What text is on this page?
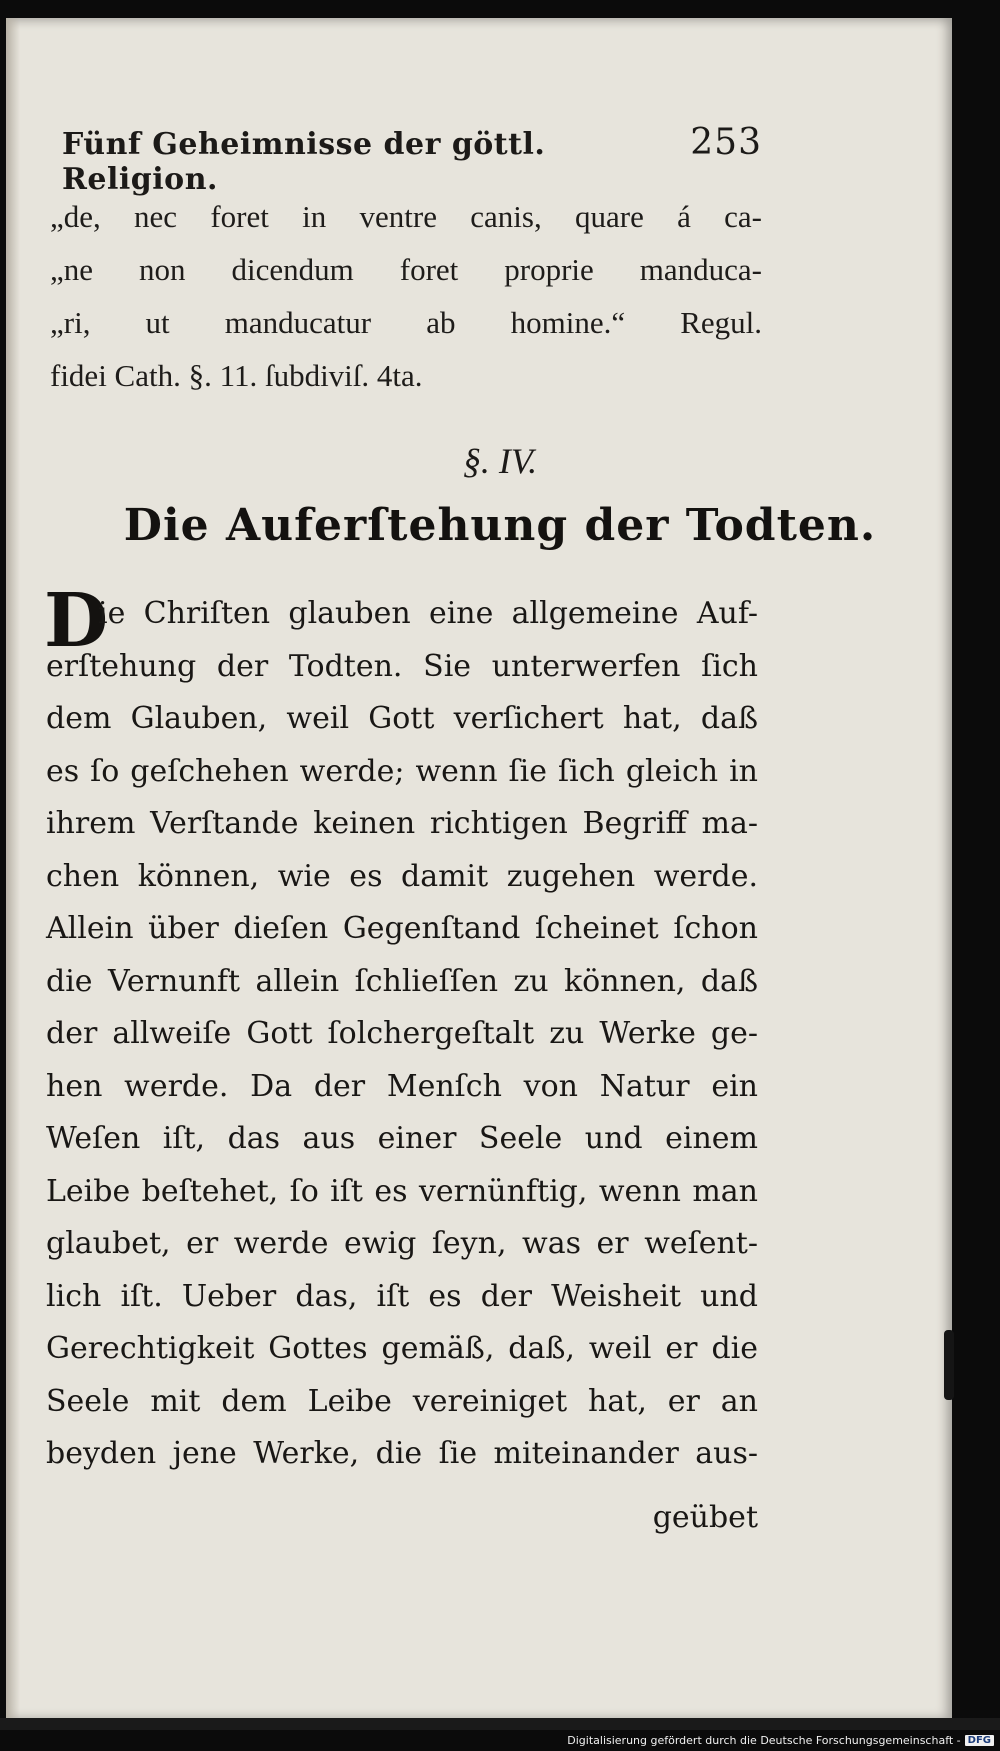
Fünf Geheimnisse der göttl. Religion.
253
„de, nec foret in ventre canis, quare á ca-
„ne non dicendum foret proprie manduca-
„ri, ut manducatur ab homine.“ Regul.
fidei Cath. §. 11. ſubdiviſ. 4ta.
§. IV.
Die Auferſtehung der Todten.
D
ie Chriſten glauben eine allgemeine Auf-
erſtehung der Todten. Sie unterwerfen ſich
dem Glauben, weil Gott verſichert hat, daß
es ſo geſchehen werde; wenn ſie ſich gleich in
ihrem Verſtande keinen richtigen Begriff ma-
chen können, wie es damit zugehen werde.
Allein über dieſen Gegenſtand ſcheinet ſchon
die Vernunft allein ſchlieſſen zu können, daß
der allweiſe Gott ſolchergeſtalt zu Werke ge-
hen werde. Da der Menſch von Natur ein
Weſen iſt, das aus einer Seele und einem
Leibe beſtehet, ſo iſt es vernünftig, wenn man
glaubet, er werde ewig ſeyn, was er weſent-
lich iſt. Ueber das, iſt es der Weisheit und
Gerechtigkeit Gottes gemäß, daß, weil er die
Seele mit dem Leibe vereiniget hat, er an
beyden jene Werke, die ſie miteinander aus-
geübet
Digitalisierung gefördert durch die Deutsche Forschungsgemeinschaft - DFG
